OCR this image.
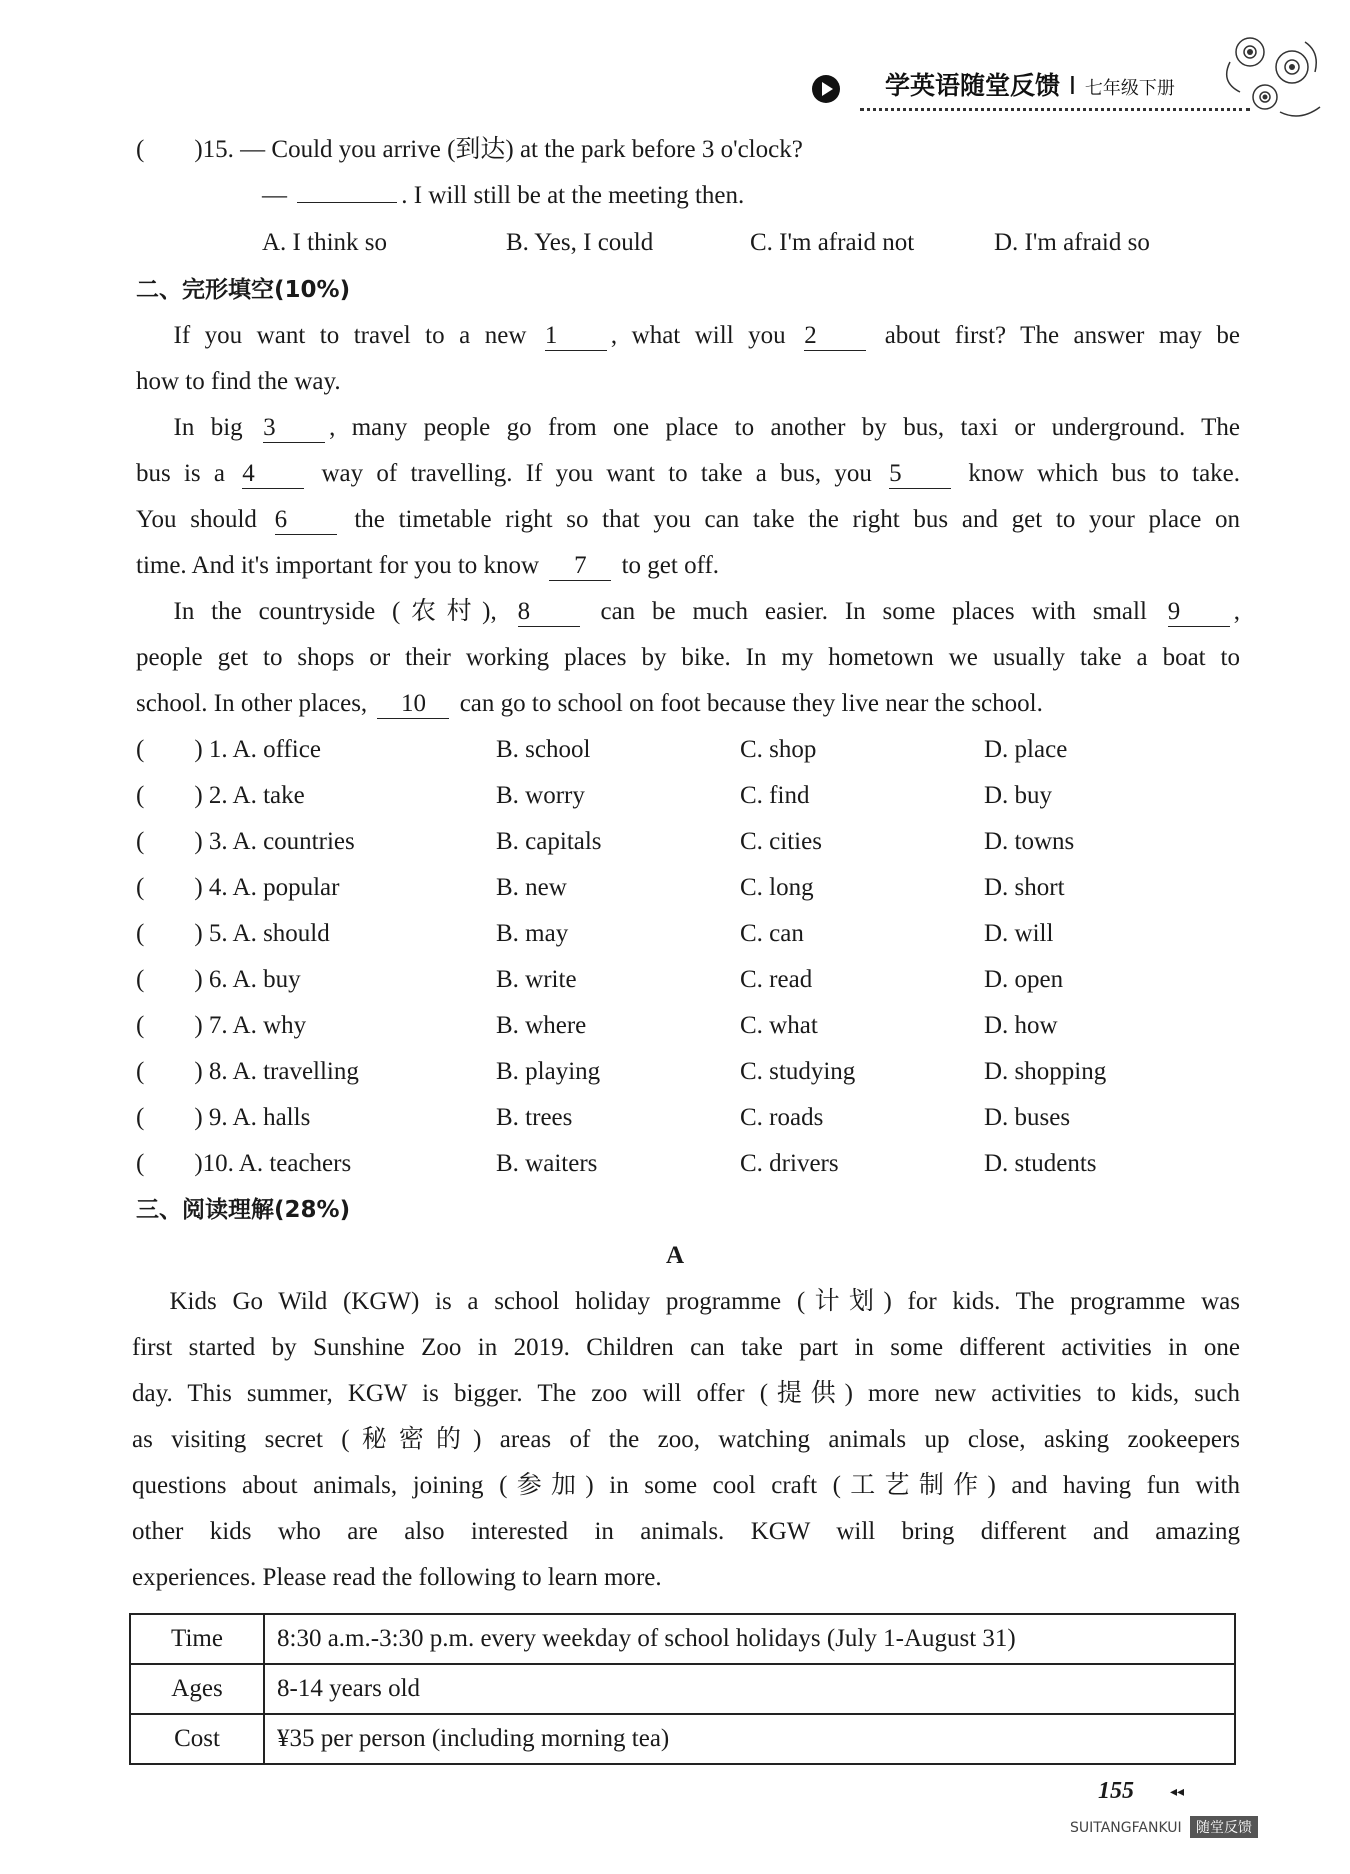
学英语随堂反馈 I 七年级下册
(　　)15. — Could you arrive (到达) at the park before 3 o'clock?
—	. I will still be at the meeting then.
A. I think so	B. Yes, I could	C. I'm afraid not	D. I'm afraid so
二、完形填空(10%)
  If you want to travel to a new 1 , what will you 2	about first? The answer may be
how to find the way.
  In big 3 , many people go from one place to another by bus, taxi or underground. The
bus is a 4	way of travelling. If you want to take a bus, you 5	know which bus to take.
You should 6	the timetable right so that you can take the right bus and get to your place on
time. And it's important for you to know 7 to get off.
  In the countryside (农村), 8	can be much easier. In some places with small 9 ,
people get to shops or their working places by bike. In my hometown we usually take a boat to
school. In other places, 10 can go to school on foot because they live near the school.
(　　) 1. A. office	B. school	C. shop	D. place
(　　) 2. A. take	B. worry	C. find	D. buy
(　　) 3. A. countries	B. capitals	C. cities	D. towns
(　　) 4. A. popular	B. new	C. long	D. short
(　　) 5. A. should	B. may	C. can	D. will
(　　) 6. A. buy	B. write	C. read	D. open
(　　) 7. A. why	B. where	C. what	D. how
(　　) 8. A. travelling	B. playing	C. studying	D. shopping
(　　) 9. A. halls	B. trees	C. roads	D. buses
(　　)10. A. teachers	B. waiters	C. drivers	D. students
三、阅读理解(28%)
A
  Kids Go Wild (KGW) is a school holiday programme (计划) for kids. The programme was
first started by Sunshine Zoo in 2019. Children can take part in some different activities in one
day. This summer, KGW is bigger. The zoo will offer (提供) more new activities to kids, such
as visiting secret (秘密的) areas of the zoo, watching animals up close, asking zookeepers
questions about animals, joining (参加) in some cool craft (工艺制作) and having fun with
other kids who are also interested in animals. KGW will bring different and amazing
experiences. Please read the following to learn more.
Time	8:30 a.m.-3:30 p.m. every weekday of school holidays (July 1-August 31)
Ages	8-14 years old
Cost	¥35 per person (including morning tea)
155	◂◂
SUITANGFANKUI	随堂反馈
